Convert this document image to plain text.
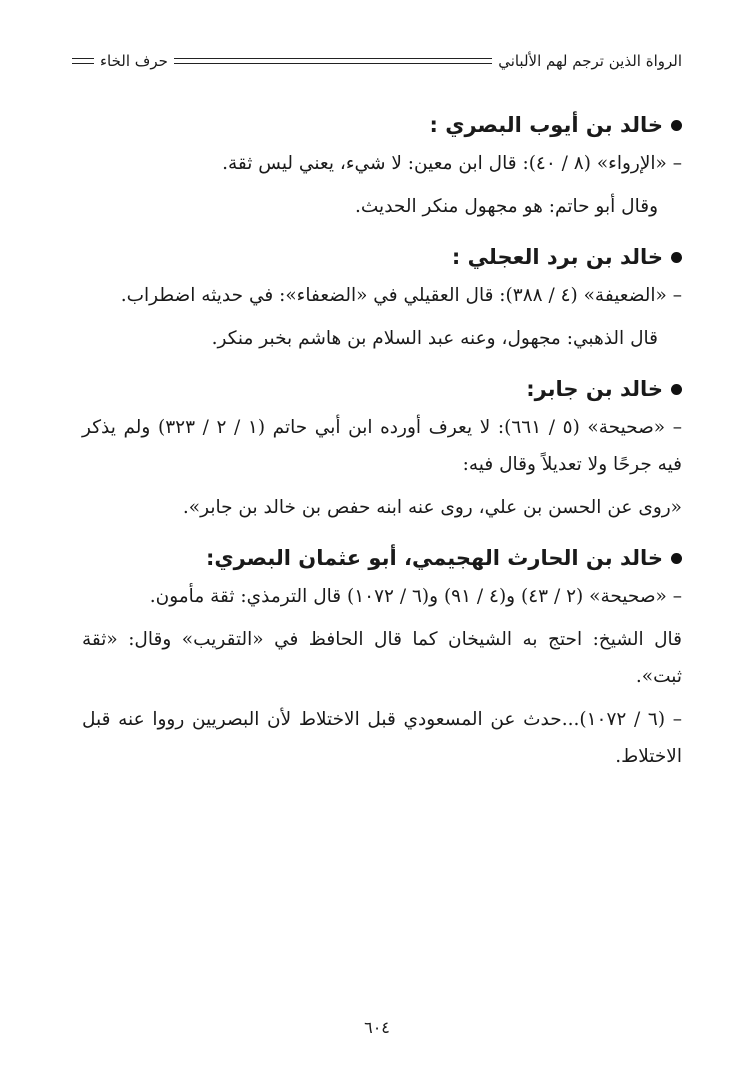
الرواة الذين ترجم لهم الألباني
حرف الخاء
خالد بن أيوب البصري :

– «الإرواء» (٨ / ٤٠): قال ابن معين: لا شيء، يعني ليس ثقة.

وقال أبو حاتم: هو مجهول منكر الحديث.

خالد بن برد العجلي :

– «الضعيفة» (٤ / ٣٨٨): قال العقيلي في «الضعفاء»: في حديثه اضطراب.

قال الذهبي: مجهول، وعنه عبد السلام بن هاشم بخبر منكر.

خالد بن جابر:

– «صحيحة» (٥ / ٦٦١): لا يعرف أورده ابن أبي حاتم (١ / ٢ / ٣٢٣) ولم يذكر فيه جرحًا ولا تعديلاً وقال فيه:

«روى عن الحسن بن علي، روى عنه ابنه حفص بن خالد بن جابر».

خالد بن الحارث الهجيمي، أبو عثمان البصري:

– «صحيحة» (٢ / ٤٣) و(٤ / ٩١) و(٦ / ١٠٧٢) قال الترمذي: ثقة مأمون.

قال الشيخ: احتج به الشيخان كما قال الحافظ في «التقريب» وقال: «ثقة ثبت».

– (٦ / ١٠٧٢)...حدث عن المسعودي قبل الاختلاط لأن البصريين رووا عنه قبل الاختلاط.

٦٠٤
